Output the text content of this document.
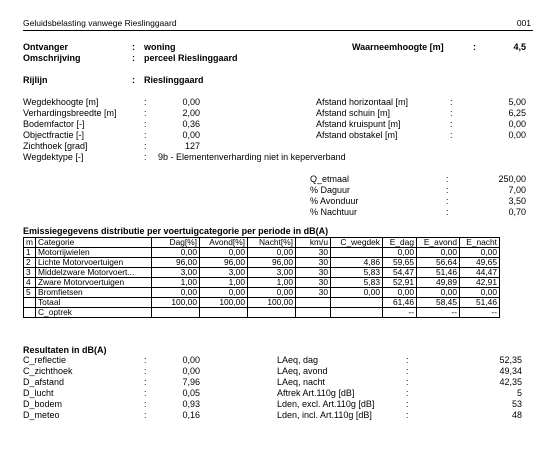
Geluidsbelasting vanwege Rieslinggaard	001
Ontvanger	: woning
Omschrijving	: perceel Rieslinggaard
Waarneemhoogte [m]	:	4,5
Rijlijn	: Rieslinggaard
Wegdekhoogte [m]	:	0,00
Verhardingsbreedte [m]	:	2,00
Bodemfactor [-]	:	0,36
Objectfractie [-]	:	0,00
Zichthoek [grad]	:	127
Wegdektype [-]	: 9b - Elementenverharding niet in keperverband
Afstand horizontaal [m]	:	5,00
Afstand schuin [m]	:	6,25
Afstand kruispunt [m]	:	0,00
Afstand obstakel [m]	:	0,00
Q_etmaal	:	250,00
% Daguur	:	7,00
% Avonduur	:	3,50
% Nachtuur	:	0,70
Emissiegegevens distributie per voertuigcategorie per periode in dB(A)
m	Categorie	Dag[%]	Avond[%]	Nacht[%]	km/u	C_wegdek	E_dag	E_avond	E_nacht
1	Motorrijwielen	0,00	0,00	0,00	30		0,00	0,00	0,00
2	Lichte Motorvoertuigen	96,00	96,00	96,00	30	4,86	59,65	56,64	49,65
3	Middelzware Motorvoert...	3,00	3,00	3,00	30	5,83	54,47	51,46	44,47
4	Zware Motorvoertuigen	1,00	1,00	1,00	30	5,83	52,91	49,89	42,91
5	Bromfietsen	0,00	0,00	0,00	30	0,00	0,00	0,00	0,00
	Totaal	100,00	100,00	100,00			61,46	58,45	51,46
	C_optrek						--	--	--
Resultaten in dB(A)
C_reflectie	:	0,00
C_zichthoek	:	0,00
D_afstand	:	7,96
D_lucht	:	0,05
D_bodem	:	0,93
D_meteo	:	0,16
LAeq, dag	:	52,35
LAeq, avond	:	49,34
LAeq, nacht	:	42,35
Aftrek Art.110g [dB]	:	5
Lden, excl. Art.110g [dB]	:	53
Lden, incl. Art.110g [dB]	:	48
